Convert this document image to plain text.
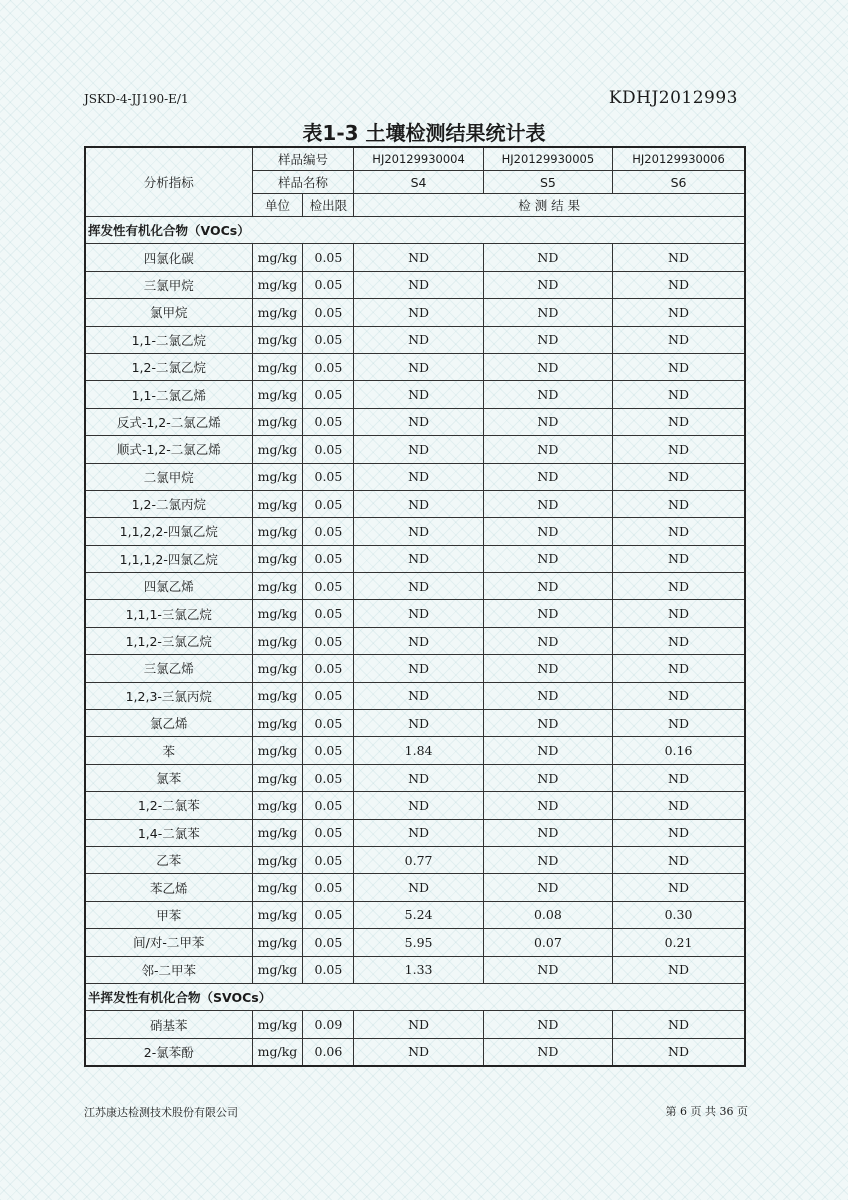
JSKD-4-JJ190-E/1	KDHJ2012993
表1-3 土壤检测结果统计表
分析指标	样品编号		HJ20129930004	HJ20129930005	HJ20129930006
	样品名称		S4	S5	S6
	单位	检出限	检 测 结 果		
挥发性有机化合物（VOCs）					
四氯化碳	mg/kg	0.05	ND	ND	ND
三氯甲烷	mg/kg	0.05	ND	ND	ND
氯甲烷	mg/kg	0.05	ND	ND	ND
1,1-二氯乙烷	mg/kg	0.05	ND	ND	ND
1,2-二氯乙烷	mg/kg	0.05	ND	ND	ND
1,1-二氯乙烯	mg/kg	0.05	ND	ND	ND
反式-1,2-二氯乙烯	mg/kg	0.05	ND	ND	ND
顺式-1,2-二氯乙烯	mg/kg	0.05	ND	ND	ND
二氯甲烷	mg/kg	0.05	ND	ND	ND
1,2-二氯丙烷	mg/kg	0.05	ND	ND	ND
1,1,2,2-四氯乙烷	mg/kg	0.05	ND	ND	ND
1,1,1,2-四氯乙烷	mg/kg	0.05	ND	ND	ND
四氯乙烯	mg/kg	0.05	ND	ND	ND
1,1,1-三氯乙烷	mg/kg	0.05	ND	ND	ND
1,1,2-三氯乙烷	mg/kg	0.05	ND	ND	ND
三氯乙烯	mg/kg	0.05	ND	ND	ND
1,2,3-三氯丙烷	mg/kg	0.05	ND	ND	ND
氯乙烯	mg/kg	0.05	ND	ND	ND
苯	mg/kg	0.05	1.84	ND	0.16
氯苯	mg/kg	0.05	ND	ND	ND
1,2-二氯苯	mg/kg	0.05	ND	ND	ND
1,4-二氯苯	mg/kg	0.05	ND	ND	ND
乙苯	mg/kg	0.05	0.77	ND	ND
苯乙烯	mg/kg	0.05	ND	ND	ND
甲苯	mg/kg	0.05	5.24	0.08	0.30
间/对-二甲苯	mg/kg	0.05	5.95	0.07	0.21
邻-二甲苯	mg/kg	0.05	1.33	ND	ND
半挥发性有机化合物（SVOCs）					
硝基苯	mg/kg	0.09	ND	ND	ND
2-氯苯酚	mg/kg	0.06	ND	ND	ND
江苏康达检测技术股份有限公司	第 6 页 共 36 页
